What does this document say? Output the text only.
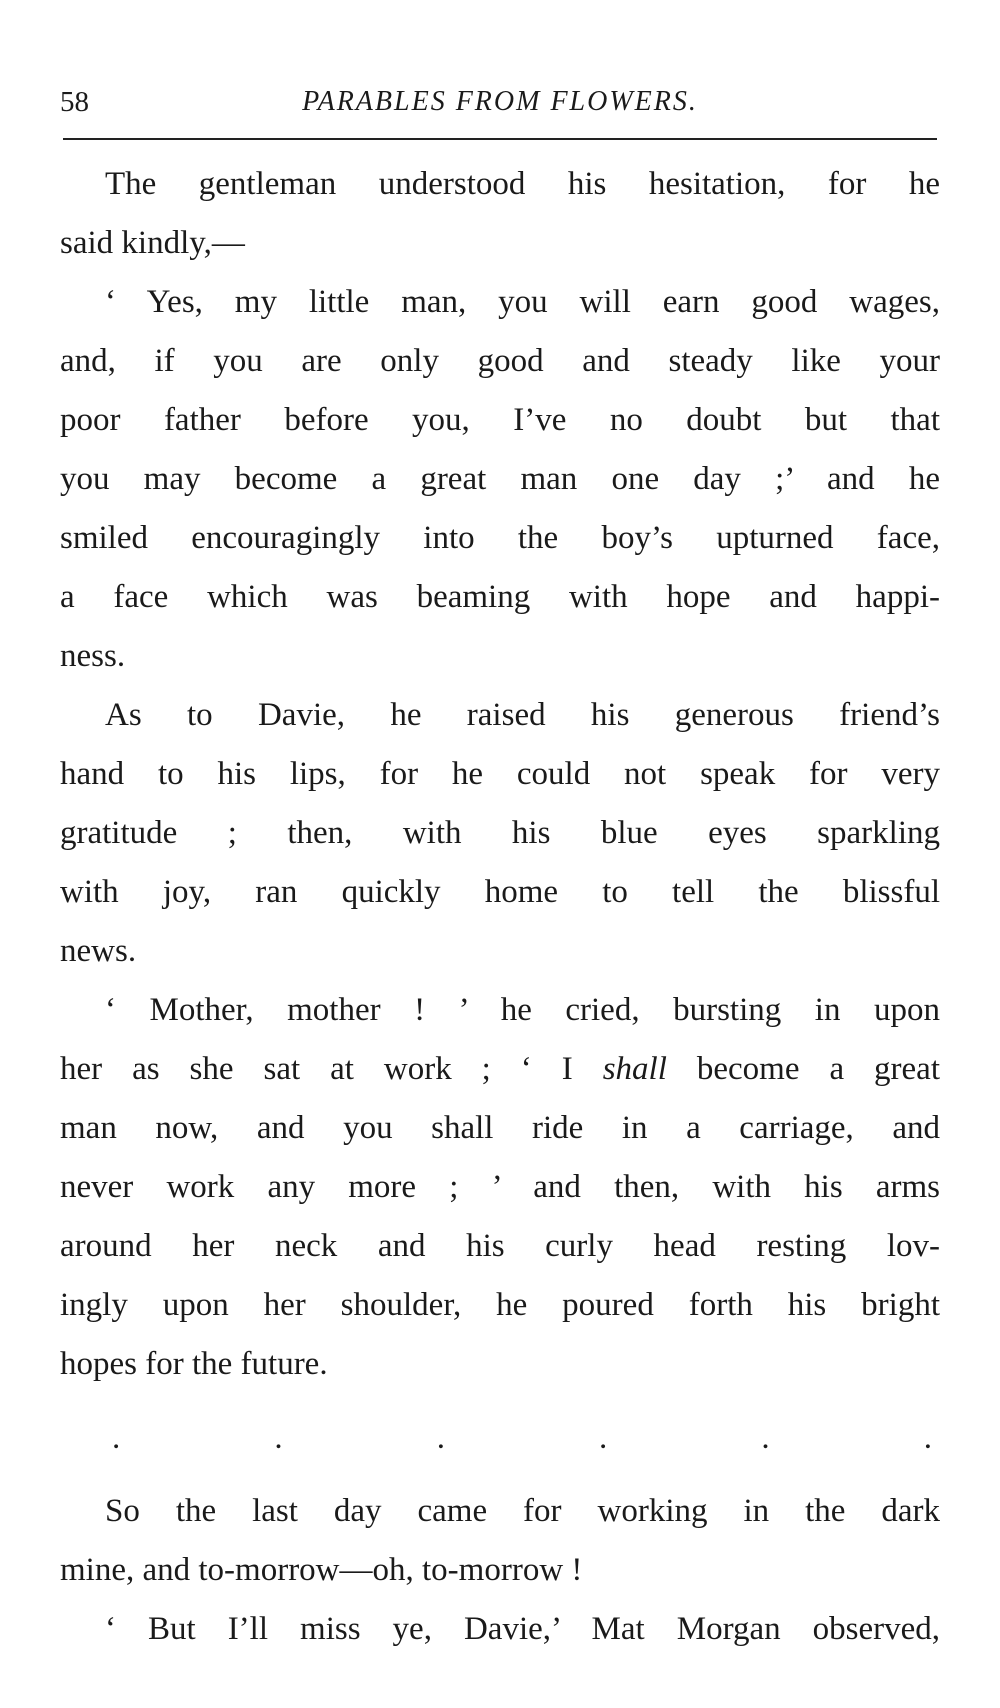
58	PARABLES FROM FLOWERS.
The gentleman understood his hesitation, for he
said kindly,—
‘ Yes, my little man, you will earn good wages,
and, if you are only good and steady like your
poor father before you, I’ve no doubt but that
you may become a great man one day ;’ and he
smiled encouragingly into the boy’s upturned face,
a face which was beaming with hope and happi-
ness.
As to Davie, he raised his generous friend’s
hand to his lips, for he could not speak for very
gratitude ; then, with his blue eyes sparkling
with joy, ran quickly home to tell the blissful
news.
‘ Mother, mother ! ’ he cried, bursting in upon
her as she sat at work ; ‘ I shall become a great
man now, and you shall ride in a carriage, and
never work any more ; ’ and then, with his arms
around her neck and his curly head resting lov-
ingly upon her shoulder, he poured forth his bright
hopes for the future.
.	.	.	.	.	.
So the last day came for working in the dark
mine, and to-morrow—oh, to-morrow !
‘ But I’ll miss ye, Davie,’ Mat Morgan observed,
